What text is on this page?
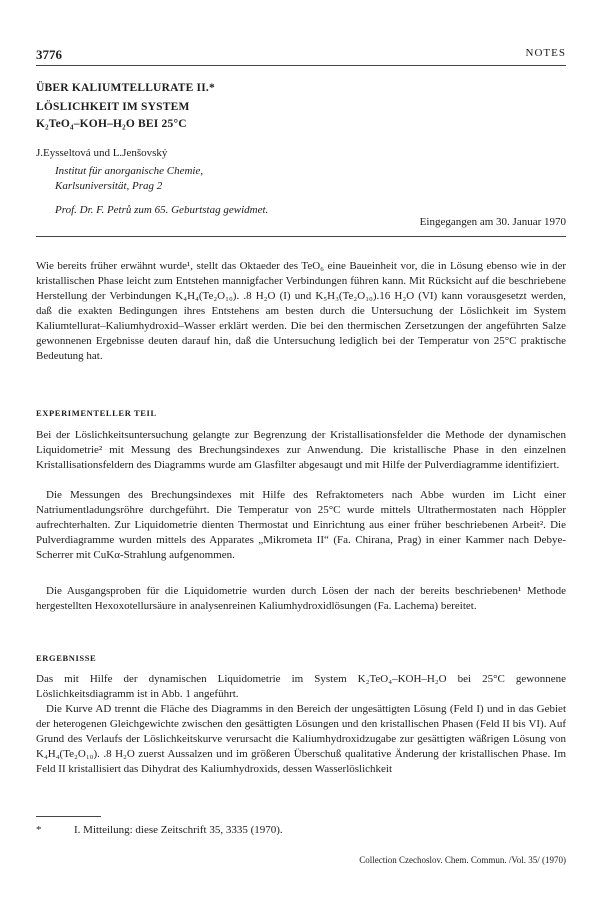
3776	NOTES
ÜBER KALIUMTELLURATE II.*
LÖSLICHKEIT IM SYSTEM
K₂TeO₄–KOH–H₂O BEI 25°C
J.Eysseltová und L.Jenšovský
Institut für anorganische Chemie,
Karlsuniversität, Prag 2
Prof. Dr. F. Petrů zum 65. Geburtstag gewidmet.
Eingegangen am 30. Januar 1970

Wie bereits früher erwähnt wurde¹, stellt das Oktaeder des TeO₆ eine Baueinheit vor, die in Lösung ebenso wie in der kristallischen Phase leicht zum Entstehen mannigfacher Verbindungen führen kann. Mit Rücksicht auf die beschriebene Herstellung der Verbindungen K₄H₄(Te₂O₁₀). .8 H₂O (I) und K₅H₃(Te₂O₁₀).16 H₂O (VI) kann vorausgesetzt werden, daß die exakten Bedingungen ihres Entstehens am besten durch die Untersuchung der Löslichkeit im System Kaliumtellurat–Kaliumhydroxid–Wasser erklärt werden. Die bei den thermischen Zersetzungen der angeführten Salze gewonnenen Ergebnisse deuten darauf hin, daß die Untersuchung lediglich bei der Temperatur von 25°C praktische Bedeutung hat.

EXPERIMENTELLER TEIL

Bei der Löslichkeitsuntersuchung gelangte zur Begrenzung der Kristallisationsfelder die Methode der dynamischen Liquidometrie² mit Messung des Brechungsindexes zur Anwendung. Die kristallische Phase in den einzelnen Kristallisationsfeldern des Diagramms wurde am Glasfilter abgesaugt und mit Hilfe der Pulverdiagramme identifiziert.

Die Messungen des Brechungsindexes mit Hilfe des Refraktometers nach Abbe wurden im Licht einer Natriumentladungsröhre durchgeführt. Die Temperatur von 25°C wurde mittels Ultrathermostaten nach Höppler aufrechterhalten. Zur Liquidometrie dienten Thermostat und Einrichtung aus einer früher beschriebenen Arbeit². Die Pulverdiagramme wurden mittels des Apparates „Mikrometa II“ (Fa. Chirana, Prag) in einer Kammer nach Debye-Scherrer mit CuKα-Strahlung aufgenommen.

Die Ausgangsproben für die Liquidometrie wurden durch Lösen der nach der bereits beschriebenen¹ Methode hergestellten Hexoxotellursäure in analysenreinen Kaliumhydroxidlösungen (Fa. Lachema) bereitet.

ERGEBNISSE

Das mit Hilfe der dynamischen Liquidometrie im System K₂TeO₄–KOH–H₂O bei 25°C gewonnene Löslichkeitsdiagramm ist in Abb. 1 angeführt.

Die Kurve AD trennt die Fläche des Diagramms in den Bereich der ungesättigten Lösung (Feld I) und in das Gebiet der heterogenen Gleichgewichte zwischen den gesättigten Lösungen und den kristallischen Phasen (Feld II bis VI). Auf Grund des Verlaufs der Löslichkeitskurve verursacht die Kaliumhydroxidzugabe zur gesättigten wäßrigen Lösung von K₄H₄(Te₂O₁₀). .8 H₂O zuerst Aussalzen und im größeren Überschuß qualitative Änderung der kristallischen Phase. Im Feld II kristallisiert das Dihydrat des Kaliumhydroxids, dessen Wasserlöslichkeit

*	I. Mitteilung: diese Zeitschrift 35, 3335 (1970).
Collection Czechoslov. Chem. Commun. /Vol. 35/ (1970)
